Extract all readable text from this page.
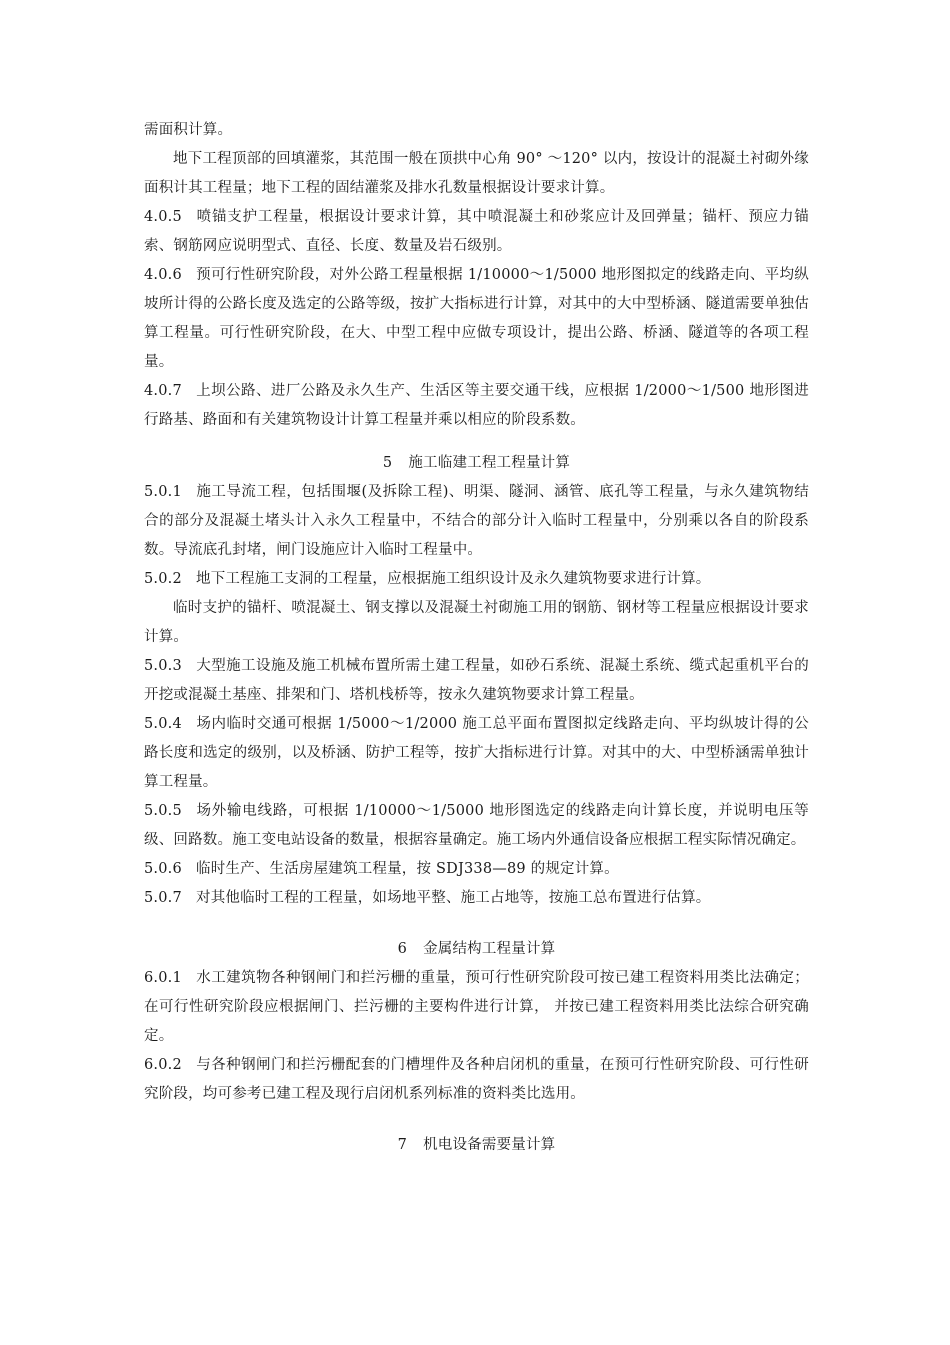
需面积计算。

地下工程顶部的回填灌浆，其范围一般在顶拱中心角 90° ～120° 以内，按设计的混凝土衬砌外缘面积计其工程量；地下工程的固结灌浆及排水孔数量根据设计要求计算。

4.0.5 喷锚支护工程量，根据设计要求计算，其中喷混凝土和砂浆应计及回弹量；锚杆、预应力锚索、钢筋网应说明型式、直径、长度、数量及岩石级别。

4.0.6 预可行性研究阶段，对外公路工程量根据 1/10000～1/5000 地形图拟定的线路走向、平均纵坡所计得的公路长度及选定的公路等级，按扩大指标进行计算，对其中的大中型桥涵、隧道需要单独估算工程量。可行性研究阶段，在大、中型工程中应做专项设计，提出公路、桥涵、隧道等的各项工程量。

4.0.7 上坝公路、进厂公路及永久生产、生活区等主要交通干线，应根据 1/2000～1/500 地形图进行路基、路面和有关建筑物设计计算工程量并乘以相应的阶段系数。

5 施工临建工程工程量计算

5.0.1 施工导流工程，包括围堰(及拆除工程)、明渠、隧洞、涵管、底孔等工程量，与永久建筑物结合的部分及混凝土堵头计入永久工程量中，不结合的部分计入临时工程量中，分别乘以各自的阶段系数。导流底孔封堵，闸门设施应计入临时工程量中。

5.0.2 地下工程施工支洞的工程量，应根据施工组织设计及永久建筑物要求进行计算。

临时支护的锚杆、喷混凝土、钢支撑以及混凝土衬砌施工用的钢筋、钢材等工程量应根据设计要求计算。

5.0.3 大型施工设施及施工机械布置所需土建工程量，如砂石系统、混凝土系统、缆式起重机平台的开挖或混凝土基座、排架和门、塔机栈桥等，按永久建筑物要求计算工程量。

5.0.4 场内临时交通可根据 1/5000～1/2000 施工总平面布置图拟定线路走向、平均纵坡计得的公路长度和选定的级别，以及桥涵、防护工程等，按扩大指标进行计算。对其中的大、中型桥涵需单独计算工程量。

5.0.5 场外输电线路，可根据 1/10000～1/5000 地形图选定的线路走向计算长度，并说明电压等级、回路数。施工变电站设备的数量，根据容量确定。施工场内外通信设备应根据工程实际情况确定。

5.0.6 临时生产、生活房屋建筑工程量，按 SDJ338—89 的规定计算。

5.0.7 对其他临时工程的工程量，如场地平整、施工占地等，按施工总布置进行估算。

6 金属结构工程量计算

6.0.1 水工建筑物各种钢闸门和拦污栅的重量，预可行性研究阶段可按已建工程资料用类比法确定；在可行性研究阶段应根据闸门、拦污栅的主要构件进行计算， 并按已建工程资料用类比法综合研究确定。

6.0.2 与各种钢闸门和拦污栅配套的门槽埋件及各种启闭机的重量，在预可行性研究阶段、可行性研究阶段，均可参考已建工程及现行启闭机系列标准的资料类比选用。

7 机电设备需要量计算
